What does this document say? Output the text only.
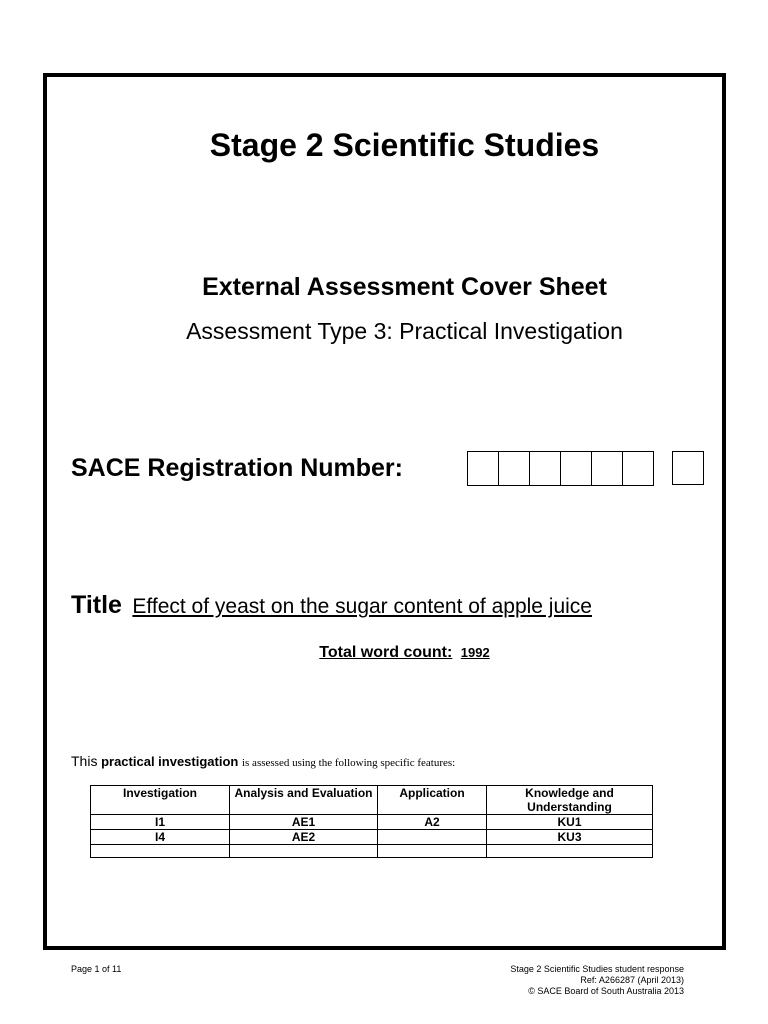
Stage 2 Scientific Studies
External Assessment Cover Sheet
Assessment Type 3: Practical Investigation
SACE Registration Number:
Title Effect of yeast on the sugar content of apple juice
Total word count: 1992
This practical investigation is assessed using the following specific features:
Investigation	Analysis and Evaluation	Application	Knowledge and Understanding
I1	AE1	A2	KU1
I4	AE2		KU3

Page 1 of 11	Stage 2 Scientific Studies student response
Ref: A266287 (April 2013)
© SACE Board of South Australia 2013
